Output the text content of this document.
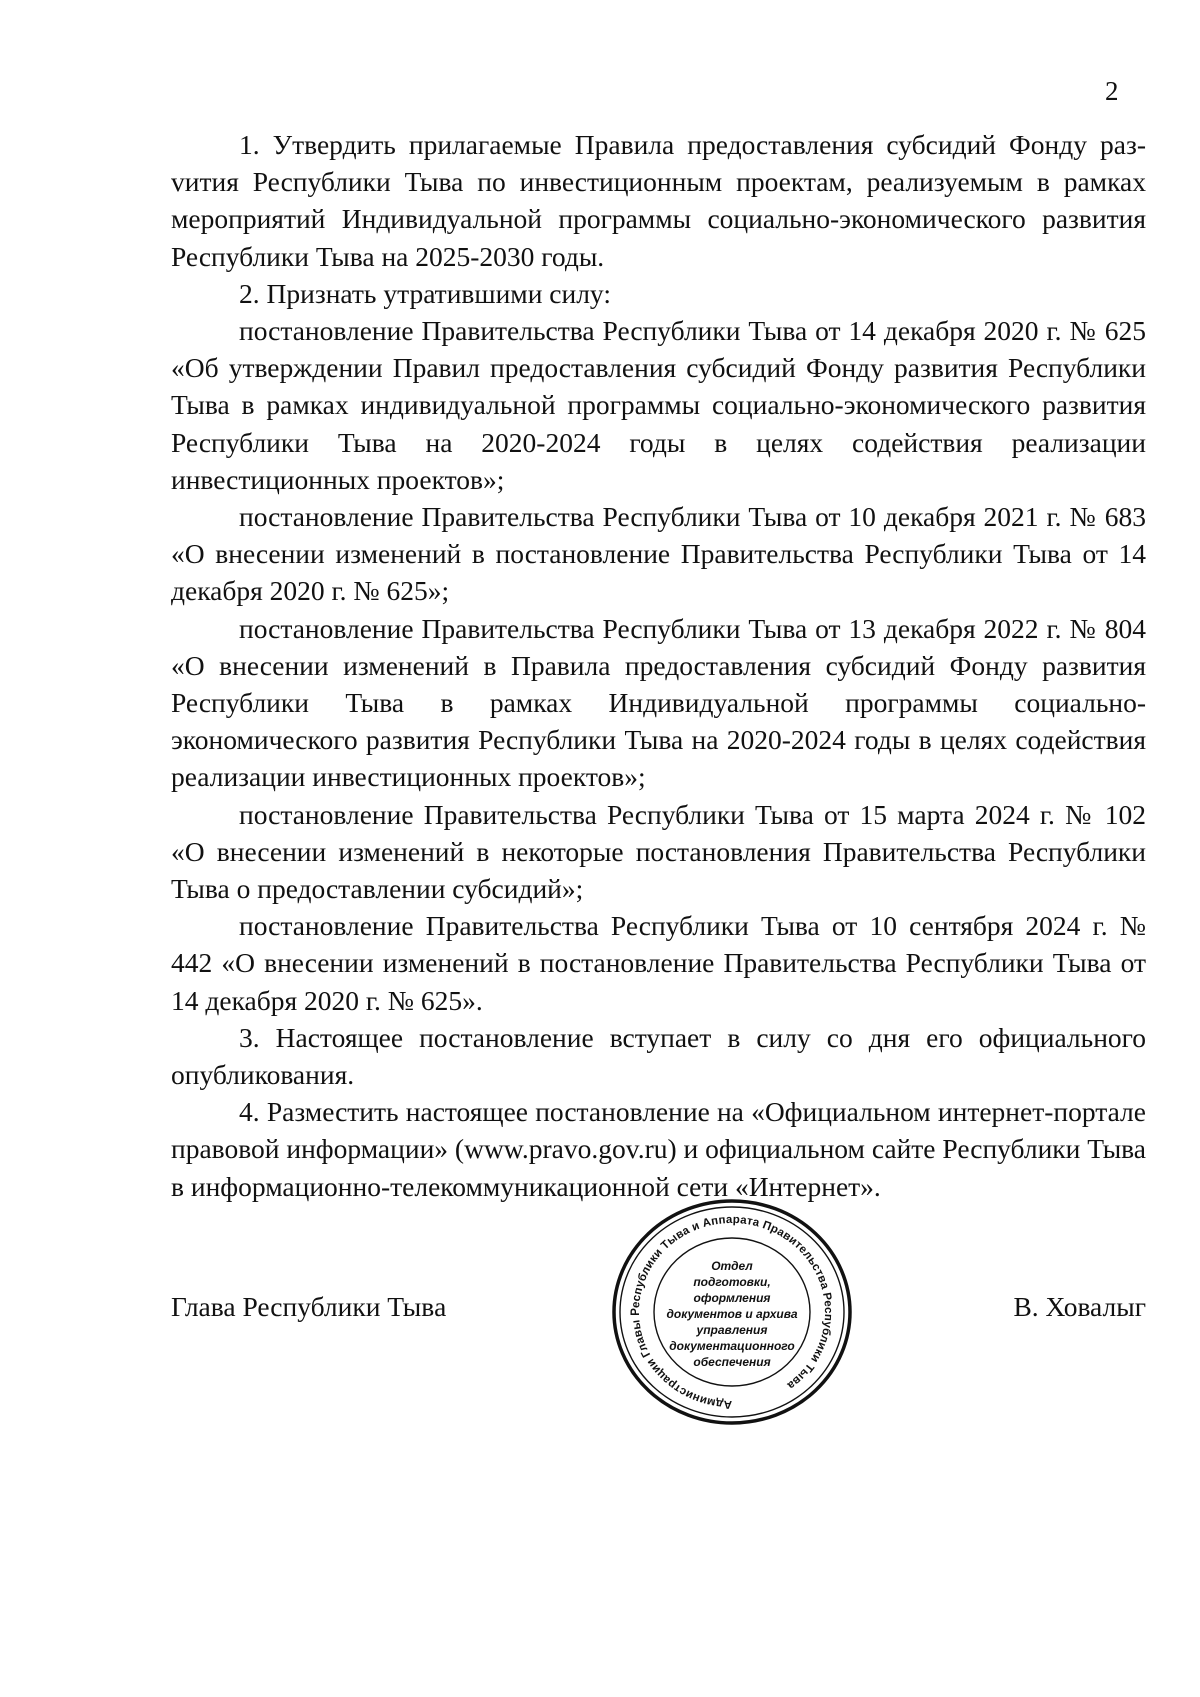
2

1. Утвердить прилагаемые Правила предоставления субсидий Фонду разvития Республики Тыва по инвестиционным проектам, реализуемым в рамках мероприятий Индивидуальной программы социально-экономического развития Республики Тыва на 2025-2030 годы.

2. Признать утратившими силу:

постановление Правительства Республики Тыва от 14 декабря 2020 г. № 625 «Об утверждении Правил предоставления субсидий Фонду развития Республики Тыва в рамках индивидуальной программы социально-экономического развития Республики Тыва на 2020-2024 годы в целях содействия реализации инвестиционных проектов»;

постановление Правительства Республики Тыва от 10 декабря 2021 г. № 683 «О внесении изменений в постановление Правительства Республики Тыва от 14 декабря 2020 г. № 625»;

постановление Правительства Республики Тыва от 13 декабря 2022 г. № 804 «О внесении изменений в Правила предоставления субсидий Фонду развития Республики Тыва в рамках Индивидуальной программы социально-экономического развития Республики Тыва на 2020-2024 годы в целях содействия реализации инвестиционных проектов»;

постановление Правительства Республики Тыва от 15 марта 2024 г. № 102 «О внесении изменений в некоторые постановления Правительства Республики Тыва о предоставлении субсидий»;

постановление Правительства Республики Тыва от 10 сентября 2024 г. № 442 «О внесении изменений в постановление Правительства Республики Тыва от 14 декабря 2020 г. № 625».

3. Настоящее постановление вступает в силу со дня его официального опубликования.

4. Разместить настоящее постановление на «Официальном интернет-портале правовой информации» (www.pravo.gov.ru) и официальном сайте Республики Тыва в информационно-телекоммуникационной сети «Интернет».

Глава Республики Тывa	В. Ховалыг
Администрации Главы Республики Тыва и Аппарата Правительства Республики Тыва
Отдел
подготовки,
оформления
документов и архива
управления
документационного
обеспечения
